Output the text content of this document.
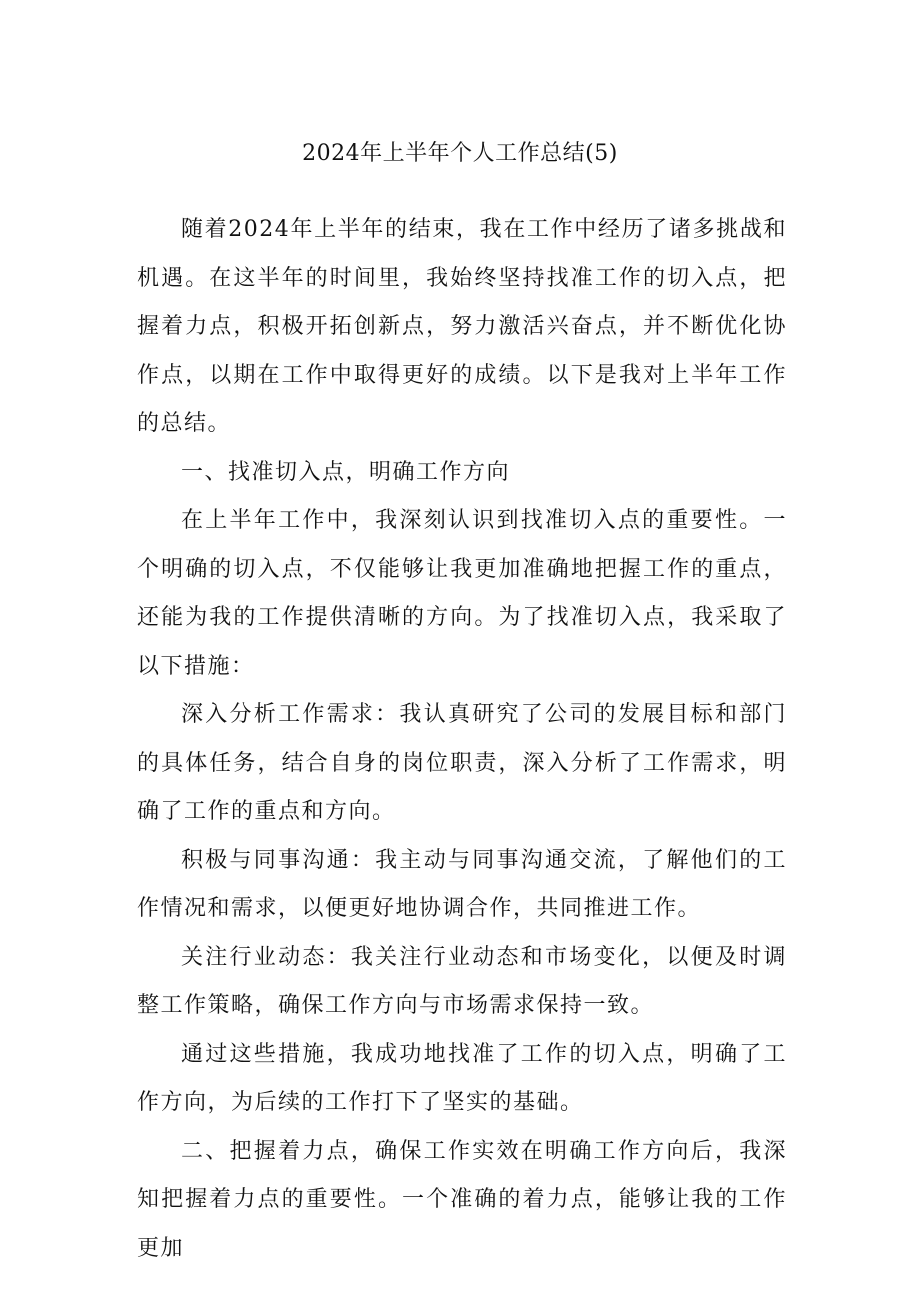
2024年上半年个人工作总结(5)

随着2024年上半年的结束，我在工作中经历了诸多挑战和机遇。在这半年的时间里，我始终坚持找准工作的切入点，把握着力点，积极开拓创新点，努力激活兴奋点，并不断优化协作点，以期在工作中取得更好的成绩。以下是我对上半年工作的总结。

一、找准切入点，明确工作方向

在上半年工作中，我深刻认识到找准切入点的重要性。一个明确的切入点，不仅能够让我更加准确地把握工作的重点，还能为我的工作提供清晰的方向。为了找准切入点，我采取了以下措施：

深入分析工作需求：我认真研究了公司的发展目标和部门的具体任务，结合自身的岗位职责，深入分析了工作需求，明确了工作的重点和方向。

积极与同事沟通：我主动与同事沟通交流，了解他们的工作情况和需求，以便更好地协调合作，共同推进工作。

关注行业动态：我关注行业动态和市场变化，以便及时调整工作策略，确保工作方向与市场需求保持一致。

通过这些措施，我成功地找准了工作的切入点，明确了工作方向，为后续的工作打下了坚实的基础。

二、把握着力点，确保工作实效在明确工作方向后，我深知把握着力点的重要性。一个准确的着力点，能够让我的工作更加
